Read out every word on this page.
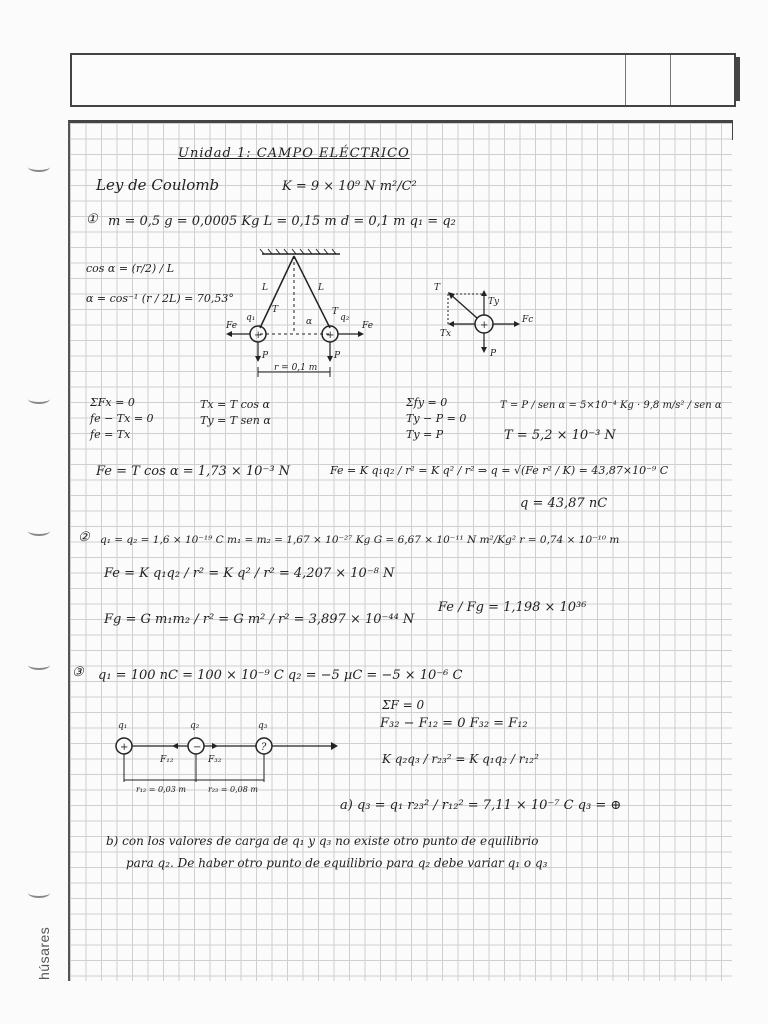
húsares
Unidad 1: CAMPO ELÉCTRICO
Ley de Coulomb	K = 9 × 10⁹ N m²/C²
① m = 0,5 g = 0,0005 Kg L = 0,15 m d = 0,1 m q₁ = q₂
cos α = (r/2) / L
α = cos⁻¹ (r / 2L) = 70,53°
+	+
L	L
T	T
α
q₁	q₂
Fe	Fe
P	P
r = 0,1 m
+
T
Ty
Tx
Fc
P
ΣFx = 0
fe − Tx = 0
fe = Tx
Tx = T cos α
Ty = T sen α
Σfy = 0
Ty − P = 0
Ty = P
T = P / sen α = 5×10⁻⁴ Kg · 9,8 m/s² / sen α
T = 5,2 × 10⁻³ N
Fe = T cos α = 1,73 × 10⁻³ N	Fe = K q₁q₂ / r² = K q² / r² ⇒ q = √(Fe r² / K) = 43,87×10⁻⁹ C
q = 43,87 nC
② q₁ = q₂ = 1,6 × 10⁻¹⁹ C m₁ = m₂ = 1,67 × 10⁻²⁷ Kg G = 6,67 × 10⁻¹¹ N m²/Kg² r = 0,74 × 10⁻¹⁰ m
Fe = K q₁q₂ / r² = K q² / r² = 4,207 × 10⁻⁸ N
Fg = G m₁m₂ / r² = G m² / r² = 3,897 × 10⁻⁴⁴ N
Fe / Fg = 1,198 × 10³⁶
③ q₁ = 100 nC = 100 × 10⁻⁹ C q₂ = −5 µC = −5 × 10⁻⁶ C
+	−	?
q₁	q₂	q₃
F₁₂	F₃₂
r₁₂ = 0,03 m	r₂₃ = 0,08 m
ΣF = 0
F₃₂ − F₁₂ = 0 F₃₂ = F₁₂
K q₂q₃ / r₂₃² = K q₁q₂ / r₁₂²
a) q₃ = q₁ r₂₃² / r₁₂² = 7,11 × 10⁻⁷ C q₃ = ⊕
b) con los valores de carga de q₁ y q₃ no existe otro punto de equilibrio
para q₂. De haber otro punto de equilibrio para q₂ debe variar q₁ o q₃
